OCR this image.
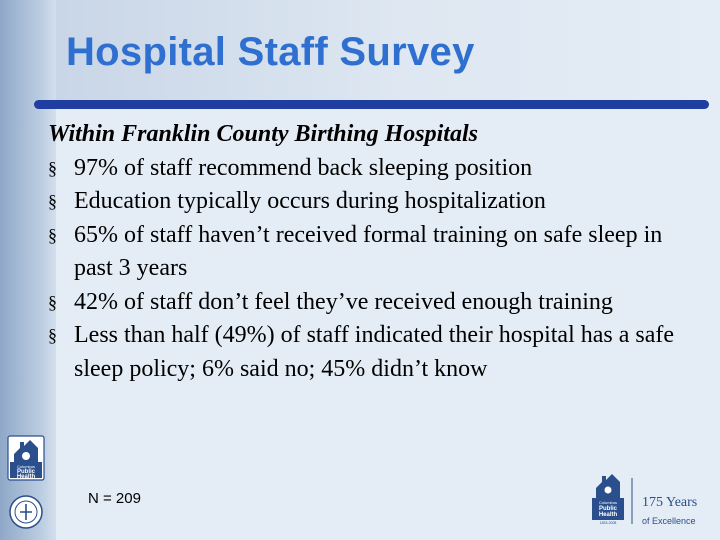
Hospital Staff Survey
Within Franklin County Birthing Hospitals
§ 97% of staff recommend back sleeping position
§ Education typically occurs during hospitalization
§ 65% of staff haven’t received formal training on safe sleep in past 3 years
§ 42% of staff don’t feel they’ve received enough training
§ Less than half (49%) of staff indicated their hospital has a safe sleep policy; 6% said no; 45% didn’t know
N = 209
Columbus
Public
Health
Columbus
Public
Health
1833-2008
175 Years
of Excellence
